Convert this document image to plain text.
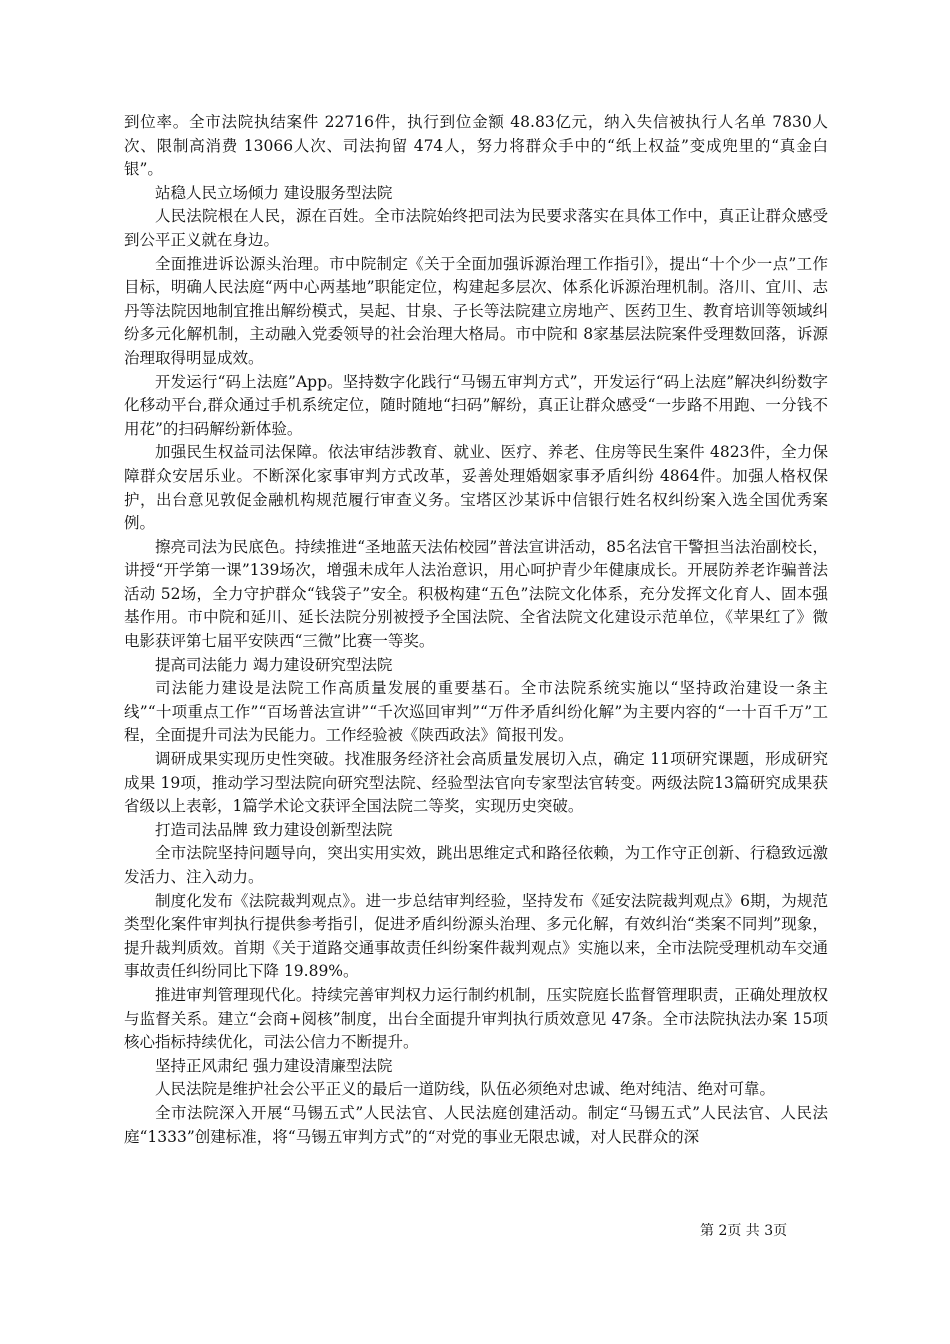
到位率。全市法院执结案件 22716件，执行到位金额 48.83亿元，纳入失信被执行人名单 7830人次、限制高消费 13066人次、司法拘留 474人，努力将群众手中的“纸上权益”变成兜里的“真金白银”。

站稳人民立场倾力 建设服务型法院

人民法院根在人民，源在百姓。全市法院始终把司法为民要求落实在具体工作中，真正让群众感受到公平正义就在身边。

全面推进诉讼源头治理。市中院制定《关于全面加强诉源治理工作指引》，提出“十个少一点”工作目标，明确人民法庭“两中心两基地”职能定位，构建起多层次、体系化诉源治理机制。洛川、宜川、志丹等法院因地制宜推出解纷模式，吴起、甘泉、子长等法院建立房地产、医药卫生、教育培训等领域纠纷多元化解机制，主动融入党委领导的社会治理大格局。市中院和 8家基层法院案件受理数回落，诉源治理取得明显成效。

开发运行“码上法庭”App。坚持数字化践行“马锡五审判方式”，开发运行“码上法庭”解决纠纷数字化移动平台,群众通过手机系统定位，随时随地“扫码”解纷，真正让群众感受“一步路不用跑、一分钱不用花”的扫码解纷新体验。

加强民生权益司法保障。依法审结涉教育、就业、医疗、养老、住房等民生案件 4823件，全力保障群众安居乐业。不断深化家事审判方式改革，妥善处理婚姻家事矛盾纠纷 4864件。加强人格权保护，出台意见敦促金融机构规范履行审查义务。宝塔区沙某诉中信银行姓名权纠纷案入选全国优秀案例。

擦亮司法为民底色。持续推进“圣地蓝天法佑校园”普法宣讲活动，85名法官干警担当法治副校长，讲授“开学第一课”139场次，增强未成年人法治意识，用心呵护青少年健康成长。开展防养老诈骗普法活动 52场，全力守护群众“钱袋子”安全。积极构建“五色”法院文化体系，充分发挥文化育人、固本强基作用。市中院和延川、延长法院分别被授予全国法院、全省法院文化建设示范单位，《苹果红了》微电影获评第七届平安陕西“三微”比赛一等奖。

提高司法能力 竭力建设研究型法院

司法能力建设是法院工作高质量发展的重要基石。全市法院系统实施以“坚持政治建设一条主线”“十项重点工作”“百场普法宣讲”“千次巡回审判”“万件矛盾纠纷化解”为主要内容的“一十百千万”工程，全面提升司法为民能力。工作经验被《陕西政法》简报刊发。

调研成果实现历史性突破。找准服务经济社会高质量发展切入点，确定 11项研究课题，形成研究成果 19项，推动学习型法院向研究型法院、经验型法官向专家型法官转变。两级法院13篇研究成果获省级以上表彰，1篇学术论文获评全国法院二等奖，实现历史突破。

打造司法品牌 致力建设创新型法院

全市法院坚持问题导向，突出实用实效，跳出思维定式和路径依赖，为工作守正创新、行稳致远激发活力、注入动力。

制度化发布《法院裁判观点》。进一步总结审判经验，坚持发布《延安法院裁判观点》6期，为规范类型化案件审判执行提供参考指引，促进矛盾纠纷源头治理、多元化解，有效纠治“类案不同判”现象，提升裁判质效。首期《关于道路交通事故责任纠纷案件裁判观点》实施以来，全市法院受理机动车交通事故责任纠纷同比下降 19.89%。

推进审判管理现代化。持续完善审判权力运行制约机制，压实院庭长监督管理职责，正确处理放权与监督关系。建立“会商+阅核”制度，出台全面提升审判执行质效意见 47条。全市法院执法办案 15项核心指标持续优化，司法公信力不断提升。

坚持正风肃纪 强力建设清廉型法院

人民法院是维护社会公平正义的最后一道防线，队伍必须绝对忠诚、绝对纯洁、绝对可靠。

全市法院深入开展“马锡五式”人民法官、人民法庭创建活动。制定“马锡五式”人民法官、人民法庭“1333”创建标准，将“马锡五审判方式”的“对党的事业无限忠诚，对人民群众的深

第 2页 共 3页
